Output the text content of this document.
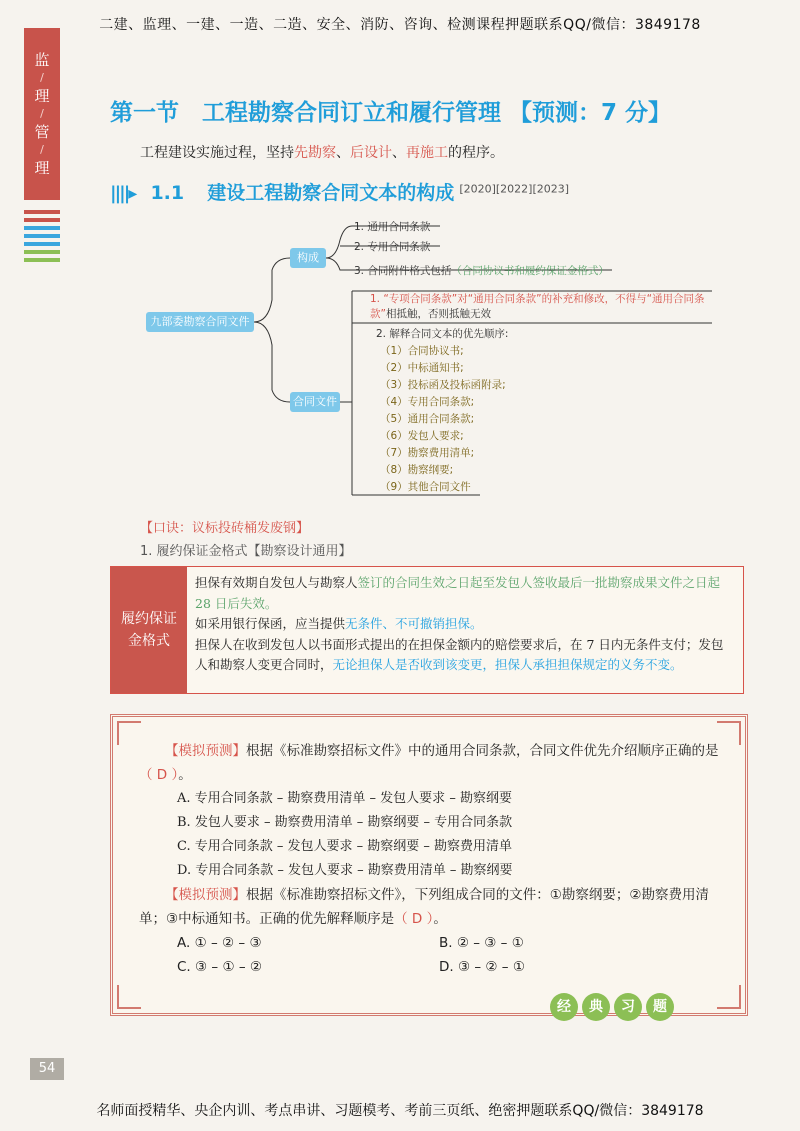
二建、监理、一建、一造、二造、安全、消防、咨询、检测课程押题联系QQ/微信：3849178
监
/
理
/
管
/
理
第一节　工程勘察合同订立和履行管理 【预测：7 分】
工程建设实施过程，坚持先勘察、后设计、再施工的程序。
||||▸ 1.1 建设工程勘察合同文本的构成 [2020][2022][2023]
九部委勘察合同文件
构成
合同文件
1. 通用合同条款
2. 专用合同条款
3. 合同附件格式包括（合同协议书和履约保证金格式）
1. “专项合同条款”对“通用合同条款”的补充和修改，不得与“通用合同条款”相抵触，否则抵触无效
2. 解释合同文本的优先顺序:
（1）合同协议书;
（2）中标通知书;
（3）投标函及投标函附录;
（4）专用合同条款;
（5）通用合同条款;
（6）发包人要求;
（7）勘察费用清单;
（8）勘察纲要;
（9）其他合同文件
【口诀：议标投砖桶发废钢】
1. 履约保证金格式【勘察设计通用】
履约保证
金格式
担保有效期自发包人与勘察人签订的合同生效之日起至发包人签收最后一批勘察成果文件之日起 28 日后失效。
如采用银行保函，应当提供无条件、不可撤销担保。
担保人在收到发包人以书面形式提出的在担保金额内的赔偿要求后，在 7 日内无条件支付；发包人和勘察人变更合同时，无论担保人是否收到该变更，担保人承担担保规定的义务不变。
【模拟预测】根据《标准勘察招标文件》中的通用合同条款，合同文件优先介绍顺序正确的是（ D ）。
A. 专用合同条款 – 勘察费用清单 – 发包人要求 – 勘察纲要
B. 发包人要求 – 勘察费用清单 – 勘察纲要 – 专用合同条款
C. 专用合同条款 – 发包人要求 – 勘察纲要 – 勘察费用清单
D. 专用合同条款 – 发包人要求 – 勘察费用清单 – 勘察纲要
【模拟预测】根据《标准勘察招标文件》，下列组成合同的文件：①勘察纲要；②勘察费用清单；③中标通知书。正确的优先解释顺序是（ D ）。
A. ① – ② – ③	B. ② – ③ – ①
C. ③ – ① – ②	D. ③ – ② – ①
经	典	习	题
54
名师面授精华、央企内训、考点串讲、习题模考、考前三页纸、绝密押题联系QQ/微信：3849178
